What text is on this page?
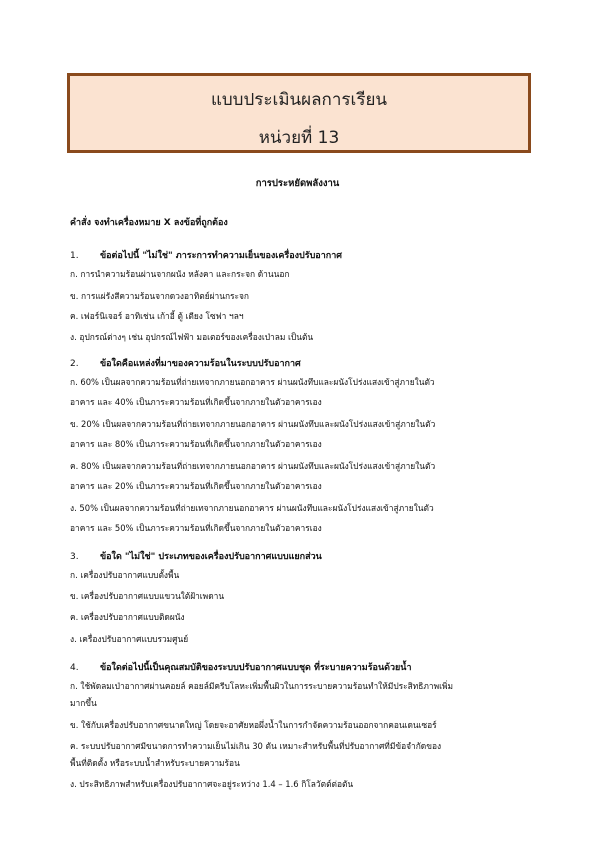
แบบประเมินผลการเรียน
หน่วยที่ 13
การประหยัดพลังงาน
คำสั่ง จงทำเครื่องหมาย X ลงข้อที่ถูกต้อง
1. ข้อต่อไปนี้ "ไม่ใช่" ภาระการทำความเย็นของเครื่องปรับอากาศ
ก. การนำความร้อนผ่านจากผนัง หลังคา และกระจก ด้านนอก
ข. การแผ่รังสีความร้อนจากดวงอาทิตย์ผ่านกระจก
ค. เฟอร์นิเจอร์ อาทิเช่น เก้าอี้ ตู้ เตียง โซฟา ฯลฯ
ง. อุปกรณ์ต่างๆ เช่น อุปกรณ์ไฟฟ้า มอเตอร์ของเครื่องเป่าลม เป็นต้น
2. ข้อใดคือแหล่งที่มาของความร้อนในระบบปรับอากาศ
ก. 60% เป็นผลจากความร้อนที่ถ่ายเทจากภายนอกอาคาร ผ่านผนังทึบและผนังโปร่งแสงเข้าสู่ภายในตัว
อาคาร และ 40% เป็นภาระความร้อนที่เกิดขึ้นจากภายในตัวอาคารเอง
ข. 20% เป็นผลจากความร้อนที่ถ่ายเทจากภายนอกอาคาร ผ่านผนังทึบและผนังโปร่งแสงเข้าสู่ภายในตัว
อาคาร และ 80% เป็นภาระความร้อนที่เกิดขึ้นจากภายในตัวอาคารเอง
ค. 80% เป็นผลจากความร้อนที่ถ่ายเทจากภายนอกอาคาร ผ่านผนังทึบและผนังโปร่งแสงเข้าสู่ภายในตัว
อาคาร และ 20% เป็นภาระความร้อนที่เกิดขึ้นจากภายในตัวอาคารเอง
ง. 50% เป็นผลจากความร้อนที่ถ่ายเทจากภายนอกอาคาร ผ่านผนังทึบและผนังโปร่งแสงเข้าสู่ภายในตัว
อาคาร และ 50% เป็นภาระความร้อนที่เกิดขึ้นจากภายในตัวอาคารเอง
3. ข้อใด "ไม่ใช่" ประเภทของเครื่องปรับอากาศแบบแยกส่วน
ก. เครื่องปรับอากาศแบบตั้งพื้น
ข. เครื่องปรับอากาศแบบแขวนใต้ฝ้าเพดาน
ค. เครื่องปรับอากาศแบบติดผนัง
ง. เครื่องปรับอากาศแบบรวมศูนย์
4. ข้อใดต่อไปนี้เป็นคุณสมบัติของระบบปรับอากาศแบบชุด ที่ระบายความร้อนด้วยน้ำ
ก. ใช้พัดลมเป่าอากาศผ่านคอยล์ คอยล์มีครีบโลหะเพิ่มพื้นผิวในการระบายความร้อนทำให้มีประสิทธิภาพเพิ่ม
มากขึ้น
ข. ใช้กับเครื่องปรับอากาศขนาดใหญ่ โดยจะอาศัยหอผึ่งน้ำในการกำจัดความร้อนออกจากคอนเดนเซอร์
ค. ระบบปรับอากาศมีขนาดการทำความเย็นไม่เกิน 30 ตัน เหมาะสำหรับพื้นที่ปรับอากาศที่มีข้อจำกัดของ
พื้นที่ติดตั้ง หรือระบบน้ำสำหรับระบายความร้อน
ง. ประสิทธิภาพสำหรับเครื่องปรับอากาศจะอยู่ระหว่าง 1.4 – 1.6 กิโลวัตต์ต่อตัน
